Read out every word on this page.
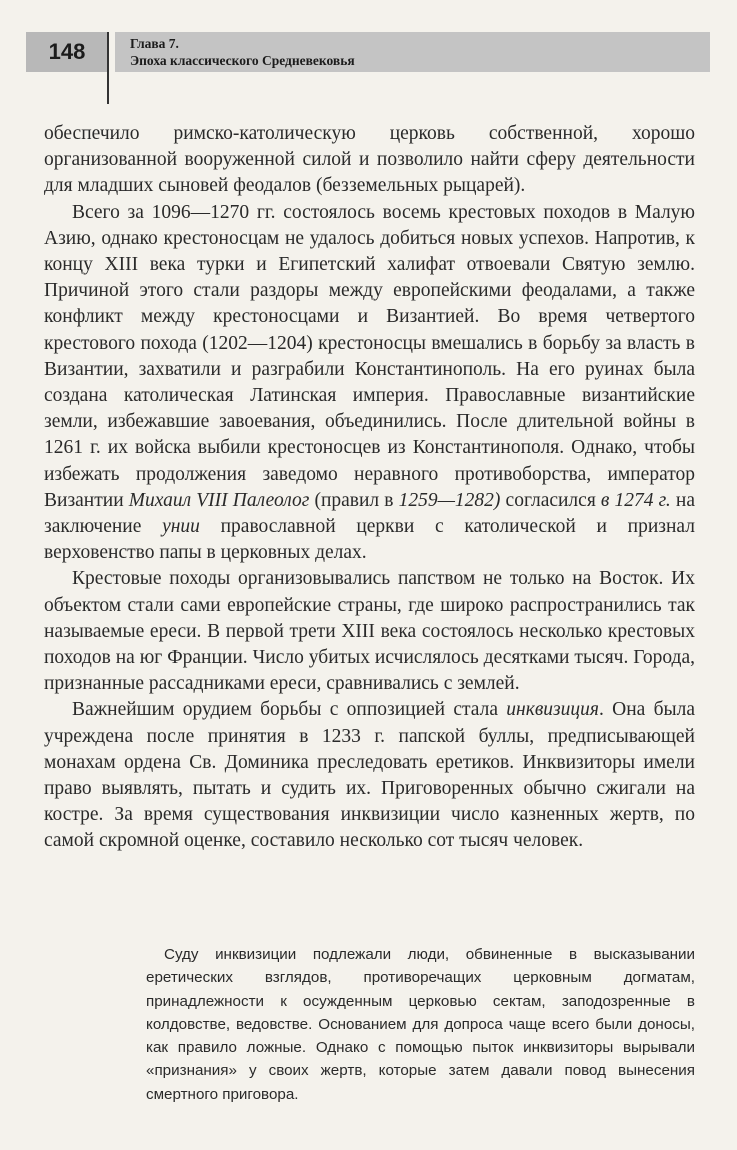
148	Глава 7.
Эпоха классического Средневековья

обеспечило римско-католическую церковь собственной, хорошо организованной вооруженной силой и позволило найти сферу деятельности для младших сыновей феодалов (безземельных рыцарей).

Всего за 1096—1270 гг. состоялось восемь крестовых походов в Малую Азию, однако крестоносцам не удалось добиться новых успехов. Напротив, к концу XIII века турки и Египетский халифат отвоевали Святую землю. Причиной этого стали раздоры между европейскими феодалами, а также конфликт между крестоносцами и Византией. Во время четвертого крестового похода (1202—1204) крестоносцы вмешались в борьбу за власть в Византии, захватили и разграбили Константинополь. На его руинах была создана католическая Латинская империя. Православные византийские земли, избежавшие завоевания, объединились. После длительной войны в 1261 г. их войска выбили крестоносцев из Константинополя. Однако, чтобы избежать продолжения заведомо неравного противоборства, император Византии Михаил VIII Палеолог (правил в 1259—1282) согласился в 1274 г. на заключение унии православной церкви с католической и признал верховенство папы в церковных делах.

Крестовые походы организовывались папством не только на Восток. Их объектом стали сами европейские страны, где широко распространились так называемые ереси. В первой трети XIII века состоялось несколько крестовых походов на юг Франции. Число убитых исчислялось десятками тысяч. Города, признанные рассадниками ереси, сравнивались с землей.

Важнейшим орудием борьбы с оппозицией стала инквизиция. Она была учреждена после принятия в 1233 г. папской буллы, предписывающей монахам ордена Св. Доминика преследовать еретиков. Инквизиторы имели право выявлять, пытать и судить их. Приговоренных обычно сжигали на костре. За время существования инквизиции число казненных жертв, по самой скромной оценке, составило несколько сот тысяч человек.

Суду инквизиции подлежали люди, обвиненные в высказывании еретических взглядов, противоречащих церковным догматам, принадлежности к осужденным церковью сектам, заподозренные в колдовстве, ведовстве. Основанием для допроса чаще всего были доносы, как правило ложные. Однако с помощью пыток инквизиторы вырывали «признания» у своих жертв, которые затем давали повод вынесения смертного приговора.
